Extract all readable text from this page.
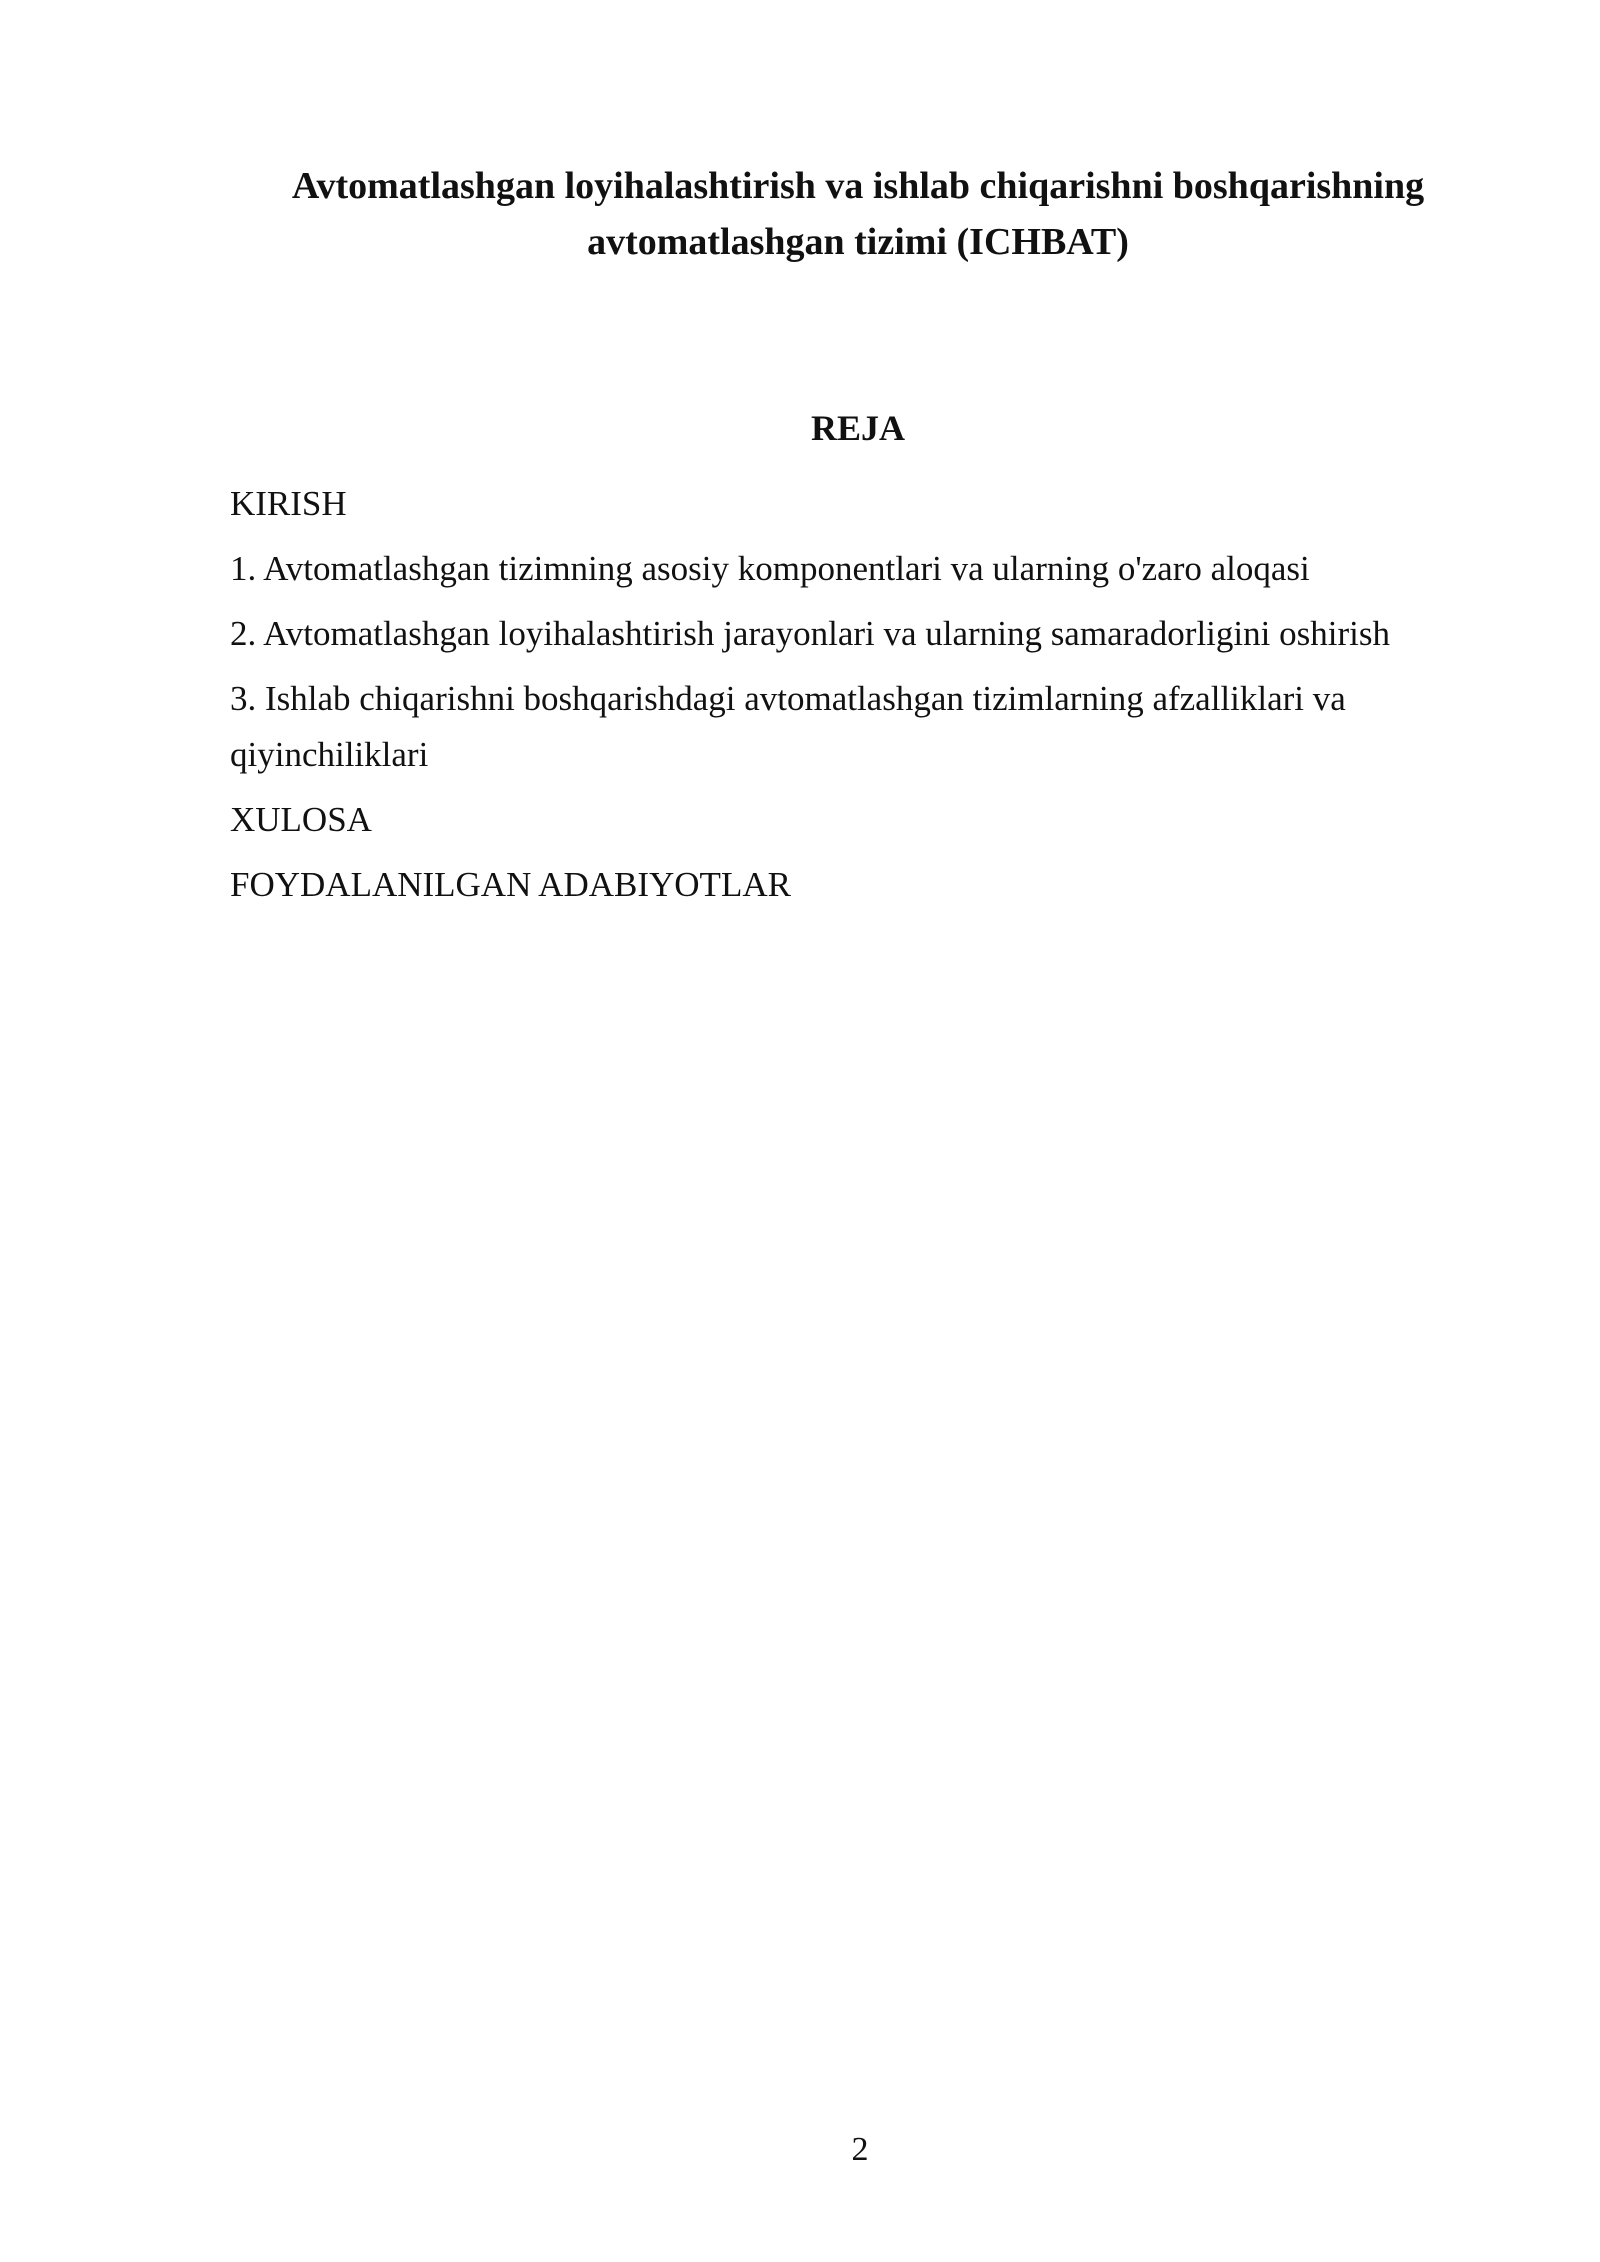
Avtomatlashgan loyihalashtirish va ishlab chiqarishni boshqarishning
avtomatlashgan tizimi (ICHBAT)
REJA
KIRISH
1. Avtomatlashgan tizimning asosiy komponentlari va ularning o'zaro aloqasi
2. Avtomatlashgan loyihalashtirish jarayonlari va ularning samaradorligini oshirish
3. Ishlab chiqarishni boshqarishdagi avtomatlashgan tizimlarning afzalliklari va qiyinchiliklari
XULOSA
FOYDALANILGAN ADABIYOTLAR
2
